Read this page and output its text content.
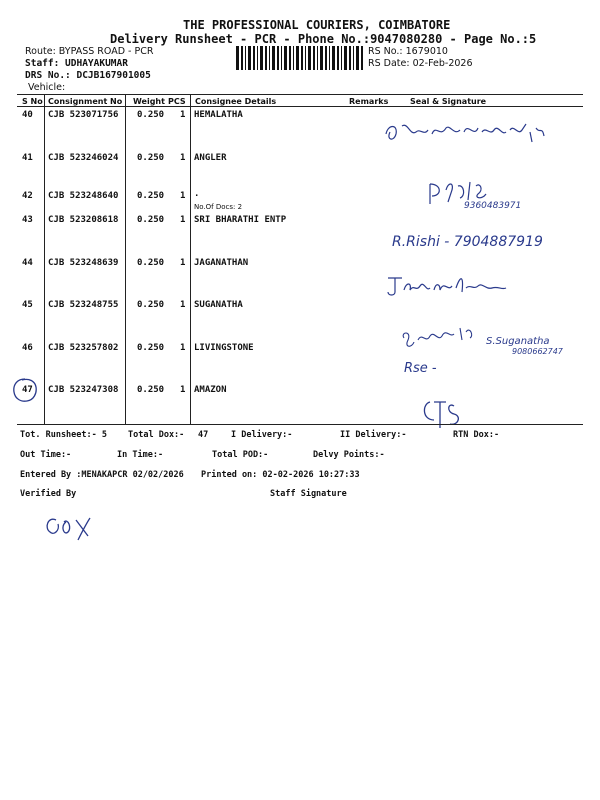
THE PROFESSIONAL COURIERS, COIMBATORE
Delivery Runsheet - PCR - Phone No.:9047080280 - Page No.:5
Route: BYPASS ROAD - PCR
Staff: UDHAYAKUMAR
DRS No.: DCJB167901005
Vehicle:
RS No.: 1679010
RS Date: 02-Feb-2026
S No Consignment No Weight PCS Consignee Details	Remarks	Seal & Signature
40 CJB 523071756 0.250 1 HEMALATHA
41 CJB 523246024 0.250 1 ANGLER
42 CJB 523248640 0.250 1 .
No.Of Docs: 2
43 CJB 523208618 0.250 1 SRI BHARATHI ENTP
44 CJB 523248639 0.250 1 JAGANATHAN
45 CJB 523248755 0.250 1 SUGANATHA
46 CJB 523257802 0.250 1 LIVINGSTONE
47 CJB 523247308 0.250 1 AMAZON
9360483971
R.Rishi - 7904887919
S.Suganatha
9080662747
Rse -
Tot. Runsheet:- 5 Total Dox:- 47	I Delivery:-	II Delivery:-	RTN Dox:-
Out Time:-	In Time:-	Total POD:-	Delvy Points:-
Entered By :MENAKAPCR 02/02/2026 Printed on: 02-02-2026 10:27:33
Verified By	Staff Signature
